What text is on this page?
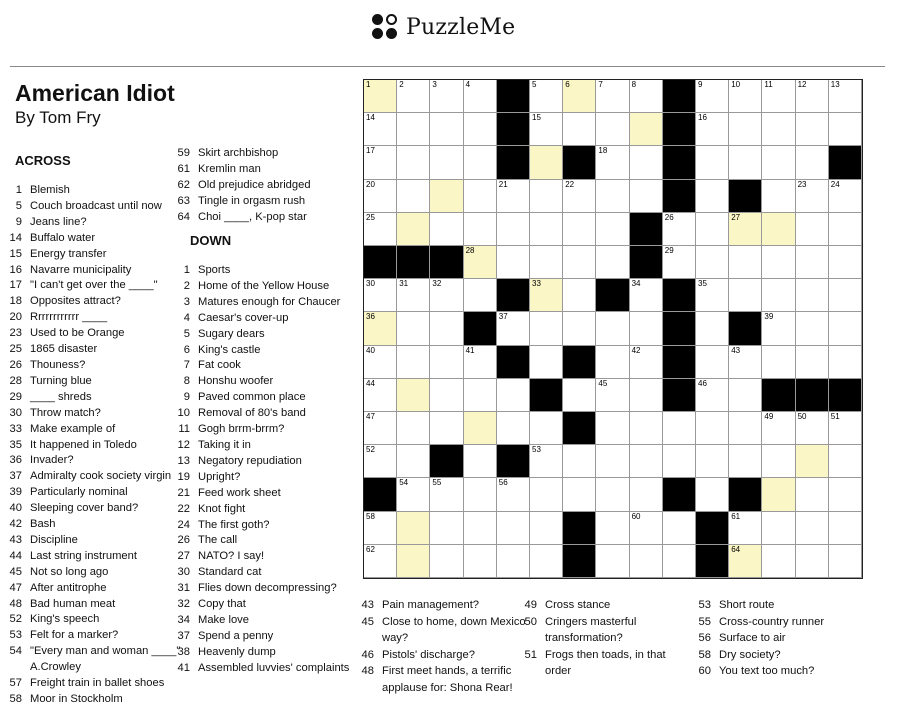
PuzzleMe
American Idiot
By Tom Fry
ACROSS
1 Blemish
5 Couch broadcast until now
9 Jeans line?
14 Buffalo water
15 Energy transfer
16 Navarre municipality
17 "I can't get over the ____"
18 Opposites attract?
20 Rrrrrrrrrrrr ____
23 Used to be Orange
25 1865 disaster
26 Thouness?
28 Turning blue
29 ____ shreds
30 Throw match?
33 Make example of
35 It happened in Toledo
36 Invader?
37 Admiralty cook society virgin
39 Particularly nominal
40 Sleeping cover band?
42 Bash
43 Discipline
44 Last string instrument
45 Not so long ago
47 After antitrophe
48 Bad human meat
52 King's speech
53 Felt for a marker?
54 "Every man and woman ____" A.Crowley
57 Freight train in ballet shoes
58 Moor in Stockholm
59 Skirt archbishop
61 Kremlin man
62 Old prejudice abridged
63 Tingle in orgasm rush
64 Choi ____, K-pop star
DOWN
1 Sports
2 Home of the Yellow House
3 Matures enough for Chaucer
4 Caesar's cover-up
5 Sugary dears
6 King's castle
7 Fat cook
8 Honshu woofer
9 Paved common place
10 Removal of 80's band
11 Gogh brrm-brrm?
12 Taking it in
13 Negatory repudiation
19 Upright?
21 Feed work sheet
22 Knot fight
24 The first goth?
26 The call
27 NATO? I say!
30 Standard cat
31 Flies down decompressing?
32 Copy that
34 Make love
37 Spend a penny
38 Heavenly dump
41 Assembled luvvies' complaints
43 Pain management?
45 Close to home, down Mexico way?
46 Pistols' discharge?
48 First meet hands, a terrific applause for: Shona Rear!
49 Cross stance
50 Cringers masterful transformation?
51 Frogs then toads, in that order
53 Short route
55 Cross-country runner
56 Surface to air
58 Dry society?
60 You text too much?
1	2	3	4	5	6	7	8	9	10	11	12	13
14	15	16
17	18
20	21	22	23	24
25	26	27
28	29
30	31	32	33	34	35
36	37	39
40	41	42	43
44	45	46
47	49	50	51
52	53
54	55	56
58	60	61
62	64
